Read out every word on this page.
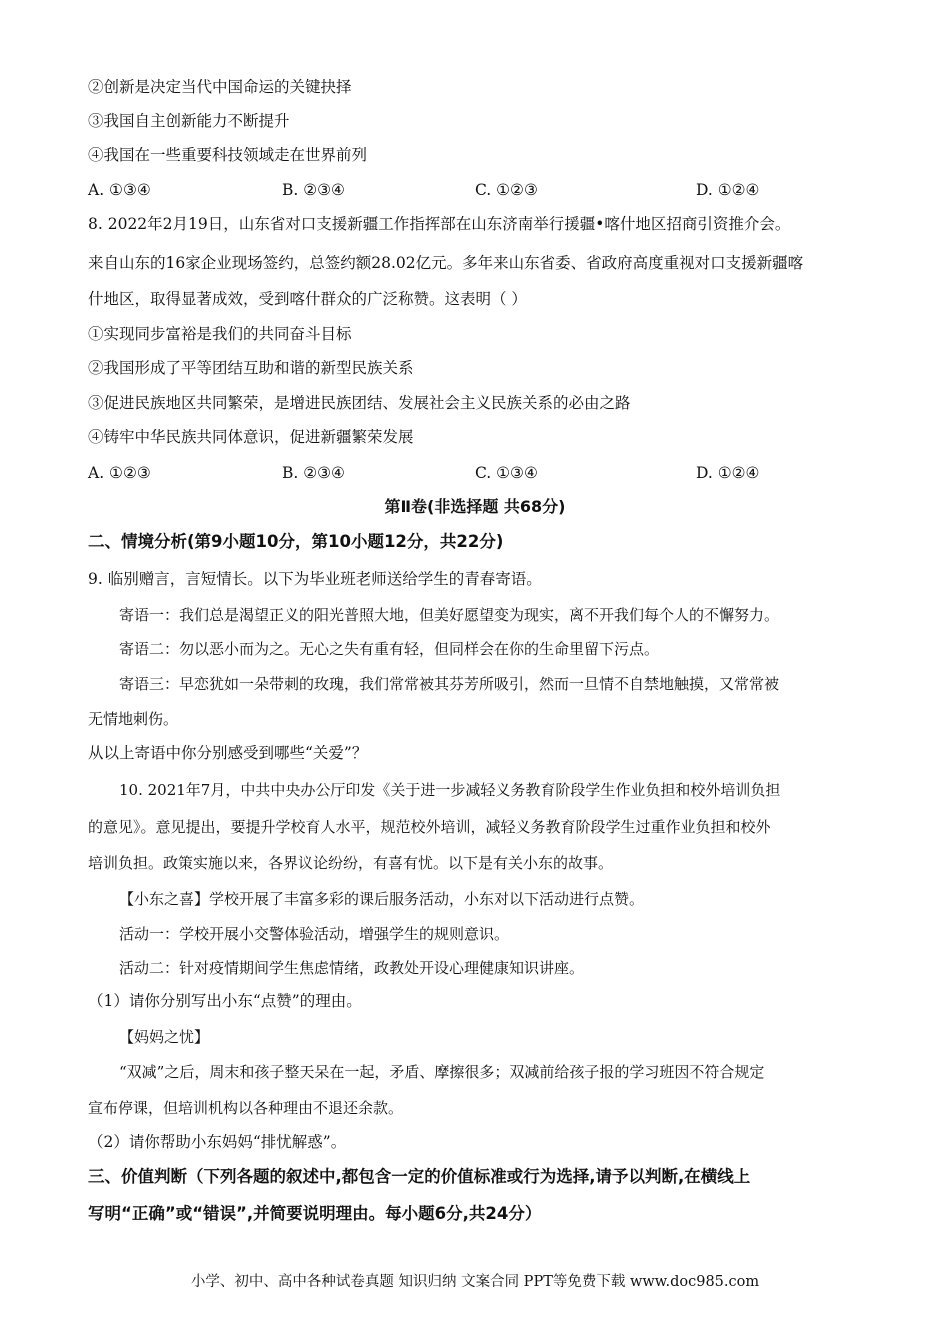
②创新是决定当代中国命运的关键抉择
③我国自主创新能力不断提升
④我国在一些重要科技领域走在世界前列
A. ①③④	B. ②③④	C. ①②③	D. ①②④
8. 2022年2月19日，山东省对口支援新疆工作指挥部在山东济南举行援疆•喀什地区招商引资推介会。
来自山东的16家企业现场签约，总签约额28.02亿元。多年来山东省委、省政府高度重视对口支援新疆喀
什地区，取得显著成效，受到喀什群众的广泛称赞。这表明（ ）
①实现同步富裕是我们的共同奋斗目标
②我国形成了平等团结互助和谐的新型民族关系
③促进民族地区共同繁荣，是增进民族团结、发展社会主义民族关系的必由之路
④铸牢中华民族共同体意识，促进新疆繁荣发展
A. ①②③	B. ②③④	C. ①③④	D. ①②④
第Ⅱ卷(非选择题 共68分)
二、情境分析(第9小题10分，第10小题12分，共22分)
9. 临别赠言，言短情长。以下为毕业班老师送给学生的青春寄语。
寄语一：我们总是渴望正义的阳光普照大地，但美好愿望变为现实，离不开我们每个人的不懈努力。
寄语二：勿以恶小而为之。无心之失有重有轻，但同样会在你的生命里留下污点。
寄语三：早恋犹如一朵带刺的玫瑰，我们常常被其芬芳所吸引，然而一旦情不自禁地触摸，又常常被
无情地刺伤。
从以上寄语中你分别感受到哪些“关爱”？
10. 2021年7月，中共中央办公厅印发《关于进一步减轻义务教育阶段学生作业负担和校外培训负担
的意见》。意见提出，要提升学校育人水平，规范校外培训，减轻义务教育阶段学生过重作业负担和校外
培训负担。政策实施以来，各界议论纷纷，有喜有忧。以下是有关小东的故事。
【小东之喜】学校开展了丰富多彩的课后服务活动，小东对以下活动进行点赞。
活动一：学校开展小交警体验活动，增强学生的规则意识。
活动二：针对疫情期间学生焦虑情绪，政教处开设心理健康知识讲座。
（1）请你分别写出小东“点赞”的理由。
【妈妈之忧】
“双减”之后，周末和孩子整天呆在一起，矛盾、摩擦很多；双减前给孩子报的学习班因不符合规定
宣布停课，但培训机构以各种理由不退还余款。
（2）请你帮助小东妈妈“排忧解惑”。
三、价值判断（下列各题的叙述中,都包含一定的价值标准或行为选择,请予以判断,在横线上
写明“正确”或“错误”,并简要说明理由。每小题6分,共24分）
小学、初中、高中各种试卷真题 知识归纳 文案合同 PPT等免费下载 www.doc985.com
